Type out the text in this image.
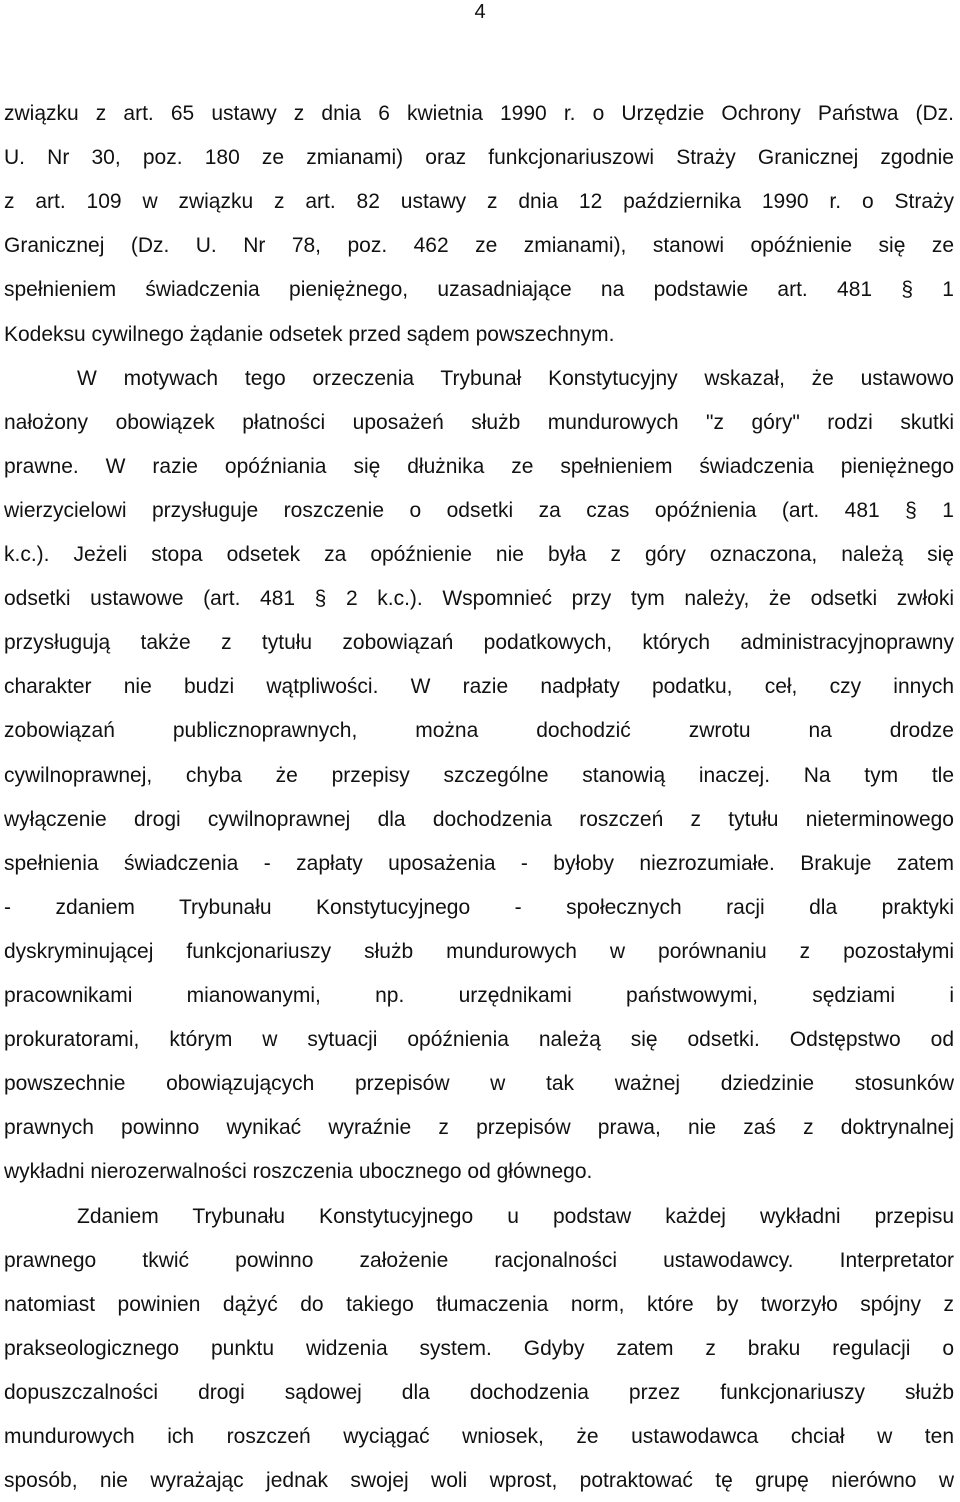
4
związku z art. 65 ustawy z dnia 6 kwietnia 1990 r. o Urzędzie Ochrony Państwa (Dz.
U. Nr 30, poz. 180 ze zmianami) oraz funkcjonariuszowi Straży Granicznej zgodnie
z art. 109 w związku z art. 82 ustawy z dnia 12 października 1990 r. o Straży
Granicznej (Dz. U. Nr 78, poz. 462 ze zmianami), stanowi opóźnienie się ze
spełnieniem świadczenia pieniężnego, uzasadniające na podstawie art. 481 § 1
Kodeksu cywilnego żądanie odsetek przed sądem powszechnym.
W motywach tego orzeczenia Trybunał Konstytucyjny wskazał, że ustawowo
nałożony obowiązek płatności uposażeń służb mundurowych "z góry" rodzi skutki
prawne. W razie opóźniania się dłużnika ze spełnieniem świadczenia pieniężnego
wierzycielowi przysługuje roszczenie o odsetki za czas opóźnienia (art. 481 § 1
k.c.). Jeżeli stopa odsetek za opóźnienie nie była z góry oznaczona, należą się
odsetki ustawowe (art. 481 § 2 k.c.). Wspomnieć przy tym należy, że odsetki zwłoki
przysługują także z tytułu zobowiązań podatkowych, których administracyjnoprawny
charakter nie budzi wątpliwości. W razie nadpłaty podatku, ceł, czy innych
zobowiązań publicznoprawnych, można dochodzić zwrotu na drodze
cywilnoprawnej, chyba że przepisy szczególne stanowią inaczej. Na tym tle
wyłączenie drogi cywilnoprawnej dla dochodzenia roszczeń z tytułu nieterminowego
spełnienia świadczenia - zapłaty uposażenia - byłoby niezrozumiałe. Brakuje zatem
- zdaniem Trybunału Konstytucyjnego - społecznych racji dla praktyki
dyskryminującej funkcjonariuszy służb mundurowych w porównaniu z pozostałymi
pracownikami mianowanymi, np. urzędnikami państwowymi, sędziami i
prokuratorami, którym w sytuacji opóźnienia należą się odsetki. Odstępstwo od
powszechnie obowiązujących przepisów w tak ważnej dziedzinie stosunków
prawnych powinno wynikać wyraźnie z przepisów prawa, nie zaś z doktrynalnej
wykładni nierozerwalności roszczenia ubocznego od głównego.
Zdaniem Trybunału Konstytucyjnego u podstaw każdej wykładni przepisu
prawnego tkwić powinno założenie racjonalności ustawodawcy. Interpretator
natomiast powinien dążyć do takiego tłumaczenia norm, które by tworzyło spójny z
prakseologicznego punktu widzenia system. Gdyby zatem z braku regulacji o
dopuszczalności drogi sądowej dla dochodzenia przez funkcjonariuszy służb
mundurowych ich roszczeń wyciągać wniosek, że ustawodawca chciał w ten
sposób, nie wyrażając jednak swojej woli wprost, potraktować tę grupę nierówno w
